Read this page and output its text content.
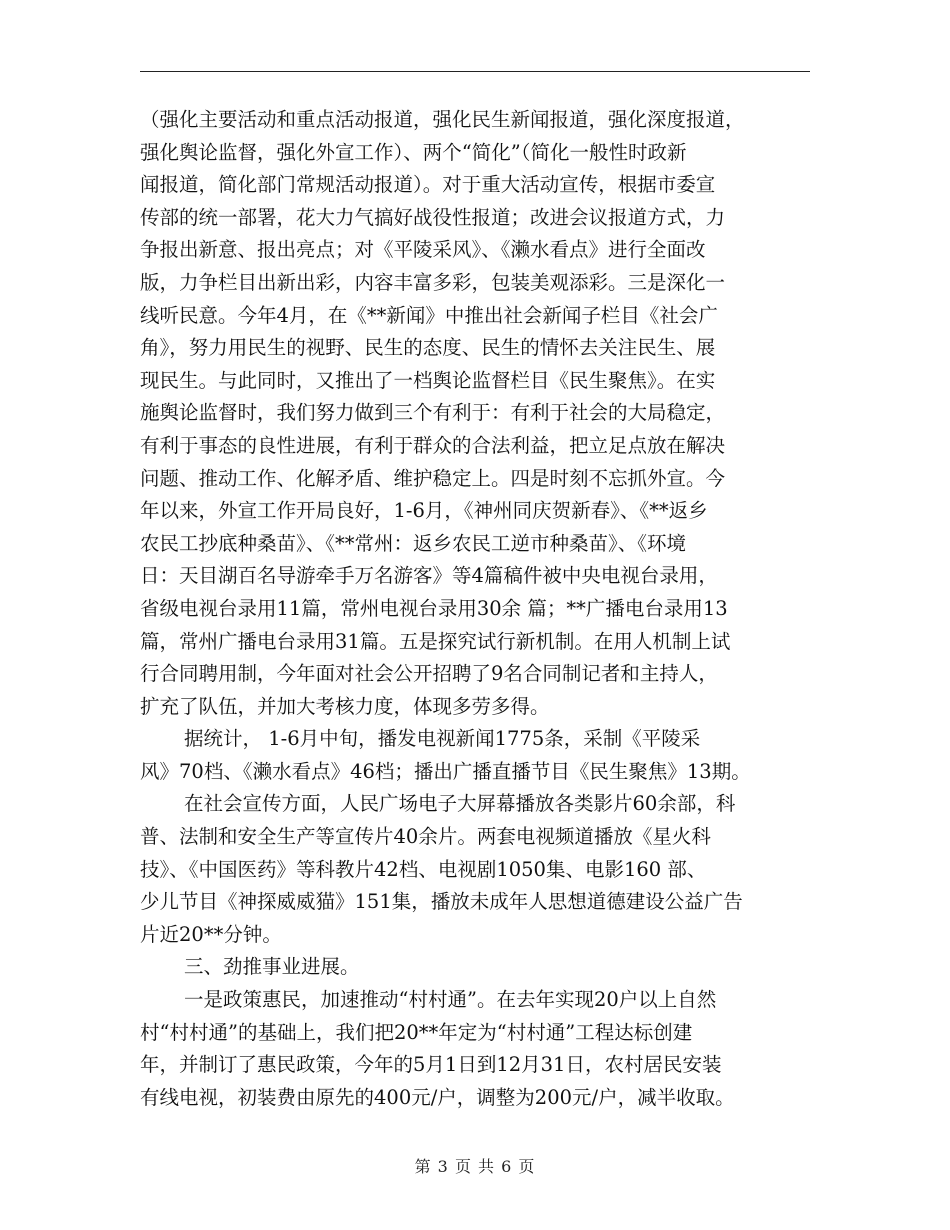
（强化主要活动和重点活动报道，强化民生新闻报道，强化深度报道，
强化舆论监督，强化外宣工作）、两个“简化”（简化一般性时政新
闻报道，简化部门常规活动报道）。对于重大活动宣传，根据市委宣
传部的统一部署，花大力气搞好战役性报道；改进会议报道方式，力
争报出新意、报出亮点；对《平陵采风》、《濑水看点》进行全面改
版，力争栏目出新出彩，内容丰富多彩，包装美观添彩。三是深化一
线听民意。今年4月，在《**新闻》中推出社会新闻子栏目《社会广
角》，努力用民生的视野、民生的态度、民生的情怀去关注民生、展
现民生。与此同时，又推出了一档舆论监督栏目《民生聚焦》。在实
施舆论监督时，我们努力做到三个有利于：有利于社会的大局稳定，
有利于事态的良性进展，有利于群众的合法利益，把立足点放在解决
问题、推动工作、化解矛盾、维护稳定上。四是时刻不忘抓外宣。今
年以来，外宣工作开局良好，1-6月，《神州同庆贺新春》、《**返乡
农民工抄底种桑苗》、《**常州：返乡农民工逆市种桑苗》、《环境
日：天目湖百名导游牵手万名游客》等4篇稿件被中央电视台录用，
省级电视台录用11篇，常州电视台录用30余 篇；**广播电台录用13
篇，常州广播电台录用31篇。五是探究试行新机制。在用人机制上试
行合同聘用制，今年面对社会公开招聘了9名合同制记者和主持人，
扩充了队伍，并加大考核力度，体现多劳多得。
据统计， 1-6月中旬，播发电视新闻1775条，采制《平陵采
风》70档、《濑水看点》46档；播出广播直播节目《民生聚焦》13期。
在社会宣传方面，人民广场电子大屏幕播放各类影片60余部，科
普、法制和安全生产等宣传片40余片。两套电视频道播放《星火科
技》、《中国医药》等科教片42档、电视剧1050集、电影160 部、
少儿节目《神探威威猫》151集，播放未成年人思想道德建设公益广告
片近20**分钟。
三、劲推事业进展。
一是政策惠民，加速推动“村村通”。在去年实现20户以上自然
村“村村通”的基础上，我们把20**年定为“村村通”工程达标创建
年，并制订了惠民政策，今年的5月1日到12月31日，农村居民安装
有线电视，初装费由原先的400元/户，调整为200元/户，减半收取。
第 3 页 共 6 页
